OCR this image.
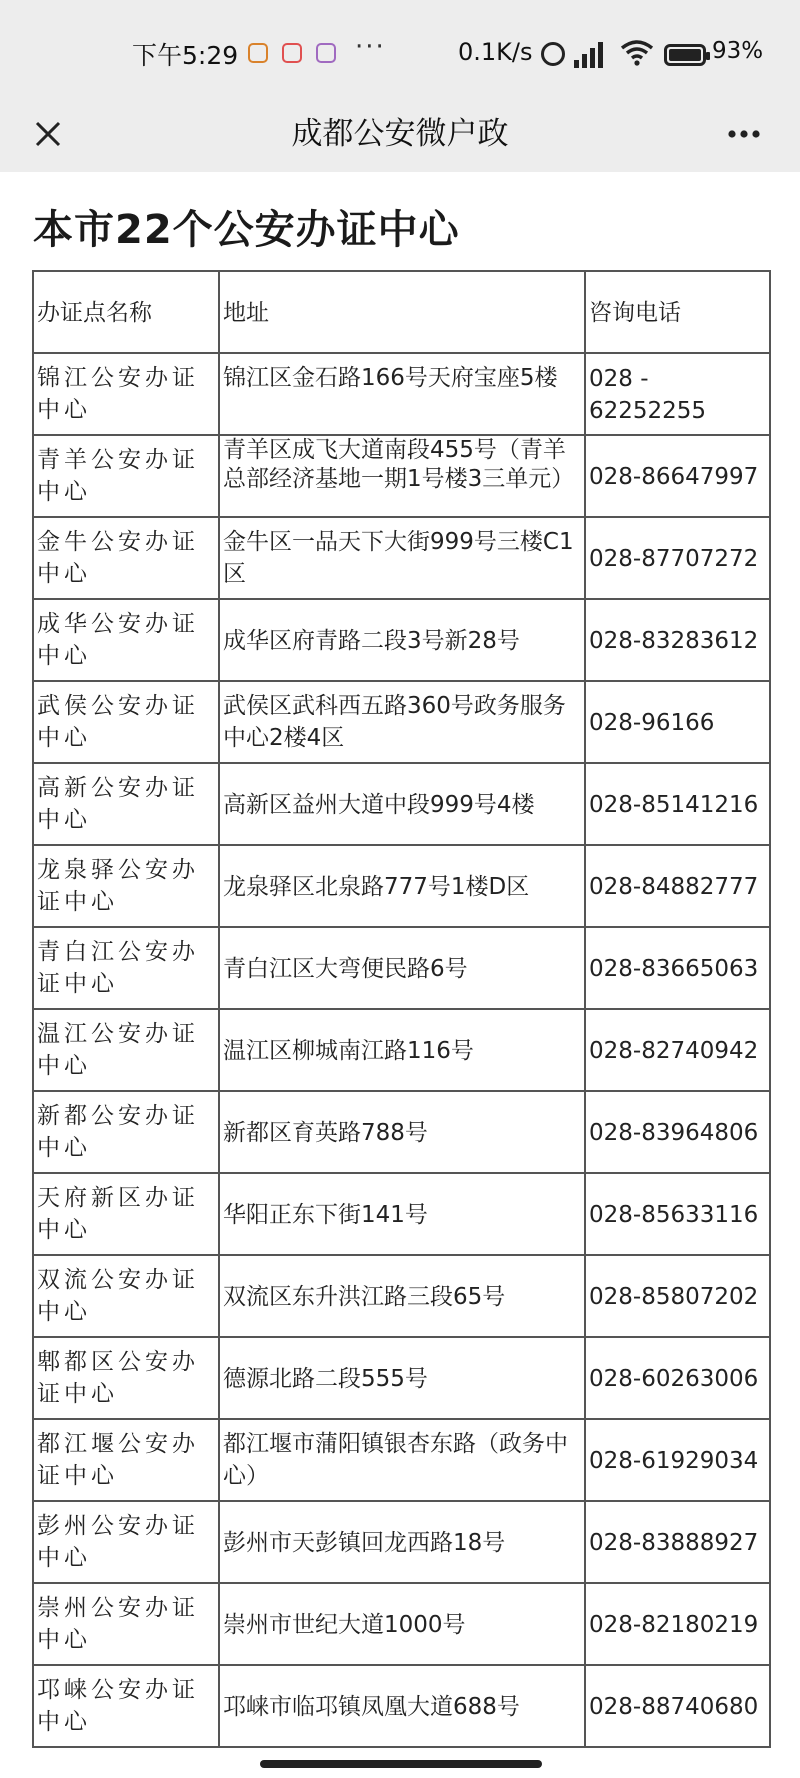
下午5:29	···	0.1K/s	93%
成都公安微户政
本市22个公安办证中心
办证点名称	地址	咨询电话
锦江公安办证中心	锦江区金石路166号天府宝座5楼	028 - 62252255
青羊公安办证中心	青羊区成飞大道南段455号（青羊总部经济基地一期1号楼3三单元）	028-86647997
金牛公安办证中心	金牛区一品天下大街999号三楼C1区	028-87707272
成华公安办证中心	成华区府青路二段3号新28号	028-83283612
武侯公安办证中心	武侯区武科西五路360号政务服务中心2楼4区	028-96166
高新公安办证中心	高新区益州大道中段999号4楼	028-85141216
龙泉驿公安办证中心	龙泉驿区北泉路777号1楼D区	028-84882777
青白江公安办证中心	青白江区大弯便民路6号	028-83665063
温江公安办证中心	温江区柳城南江路116号	028-82740942
新都公安办证中心	新都区育英路788号	028-83964806
天府新区办证中心	华阳正东下街141号	028-85633116
双流公安办证中心	双流区东升洪江路三段65号	028-85807202
郫都区公安办证中心	德源北路二段555号	028-60263006
都江堰公安办证中心	都江堰市蒲阳镇银杏东路（政务中心）	028-61929034
彭州公安办证中心	彭州市天彭镇回龙西路18号	028-83888927
崇州公安办证中心	崇州市世纪大道1000号	028-82180219
邛崃公安办证中心	邛崃市临邛镇凤凰大道688号	028-88740680
